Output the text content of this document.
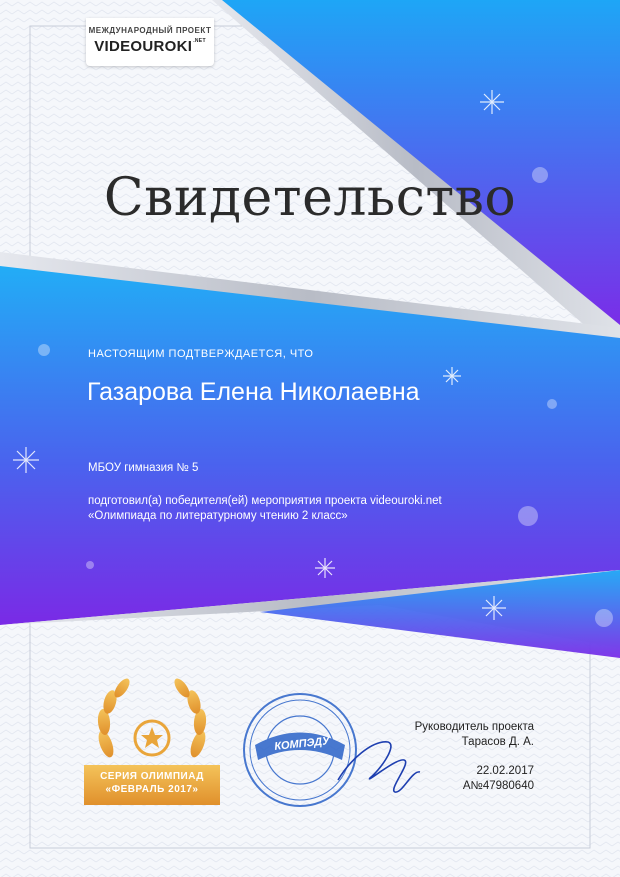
МЕЖДУНАРОДНЫЙ ПРОЕКТ
$VIDEOUROKI^{.NET}$
Свидетельство
НАСТОЯЩИМ ПОДТВЕРЖДАЕТСЯ, ЧТО
Газарова Елена Николаевна
МБОУ гимназия № 5
подготовил(а) победителя(ей) мероприятия проекта videouroki.net
«Олимпиада по литературному чтению 2 класс»
СЕРИЯ ОЛИМПИАД
«ФЕВРАЛЬ 2017»
КОМПЭДУ
Руководитель проекта
Тарасов Д. А.
22.02.2017
А№47980640
